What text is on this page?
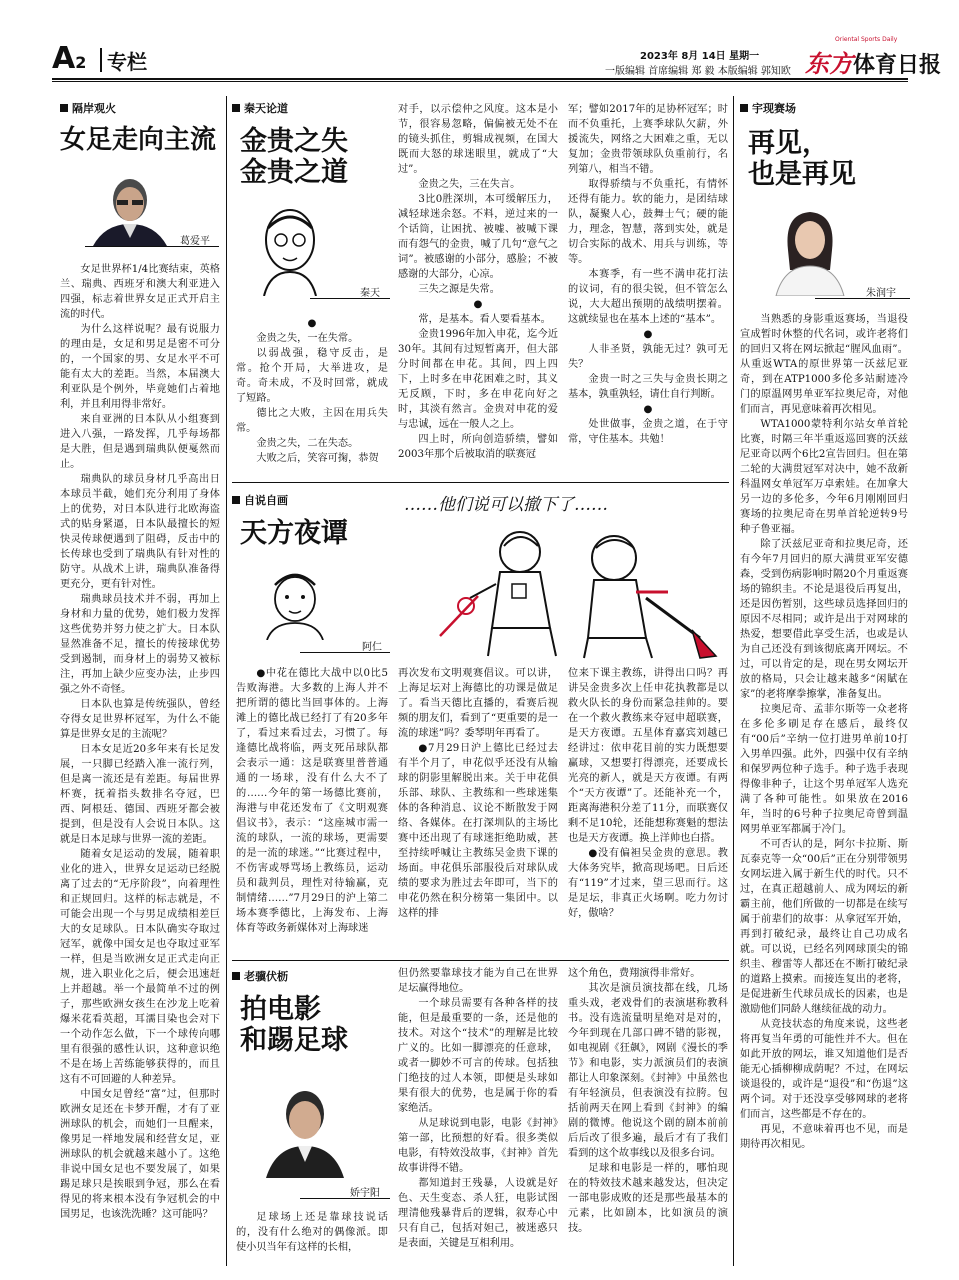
A2 专栏	2023年 8月 14日 星期一
一版编辑 首席编辑 郑 毅 本版编辑 郭知欧
Oriental Sports Daily
东方体育日报
隔岸观火
女足走向主流
葛爱平

女足世界杯1/4比赛结束，英格兰、瑞典、西班牙和澳大利亚进入四强，标志着世界女足正式开启主流的时代。

为什么这样说呢？最有说服力的理由是，女足和男足是密不可分的，一个国家的男、女足水平不可能有太大的差距。当然，本届澳大利亚队是个例外，毕竟她们占着地利，并且利用得非常好。

来自亚洲的日本队从小组赛到进入八强，一路发挥，几乎每场都是大胜，但是遇到瑞典队便戛然而止。

瑞典队的球员身材几乎高出日本球员半截，她们充分利用了身体上的优势，对日本队进行北欧海盗式的贴身紧逼，日本队最擅长的短快灵传球便遇到了阻碍，反击中的长传球也受到了瑞典队有针对性的防守。从战术上讲，瑞典队准备得更充分，更有针对性。

瑞典球员技术并不弱，再加上身材和力量的优势，她们极力发挥这些优势并努力使之扩大。日本队显然准备不足，擅长的传接球优势受到遏制，而身材上的弱势又被标注，再加上缺少应变办法，止步四强之外不奇怪。

日本队也算是传统强队，曾经夺得女足世界杯冠军，为什么不能算是世界女足的主流呢？

日本女足近20多年来有长足发展，一只脚已经踏入准一流行列，但是离一流还是有差距。每届世界杯赛，抚着指头数排名夺冠，巴西、阿根廷、德国、西班牙都会被提到，但是没有人会说日本队。这就是日本足球与世界一流的差距。

随着女足运动的发展，随着职业化的进入，世界女足运动已经脱离了过去的“无序阶段”，向着理性和正规回归。这样的标志就是，不可能会出现一个与男足成绩相差巨大的女足球队。日本队确实夺取过冠军，就像中国女足也夺取过亚军一样，但是当欧洲女足正式走向正规，进入职业化之后，便会迅速赶上并超越。举一个最简单不过的例子，那些欧洲女孩生在沙龙上吃着爆米花看英超，耳濡目染也会对下一个动作怎么做，下一个球传向哪里有很强的感性认识，这种意识绝不是在场上苦练能够获得的，而且这有不可回避的人种差异。

中国女足曾经“富”过，但那时欧洲女足还在卡梦开醒，才有了亚洲球队的机会，而她们一旦醒来，像男足一样地发展和经营女足，亚洲球队的机会就越来越小了。这绝非说中国女足也不要发展了，如果踢足球只是挨眼到争冠，那么在看得见的将来根本没有争冠机会的中国男足，也该洗洗睡？这可能吗？

秦天论道
金贵之失
金贵之道
秦天

●

金贵之失，一在失常。

以弱战强，稳守反击，是常。抢个开局，大举进攻，是奇。奇未成，不及时回常，就成了短路。

德比之大败，主因在用兵失常。

金贵之失，二在失态。

大败之后，笑容可掬，恭贺

对手，以示偿仲之风度。这本是小节，很容易忽略，偏偏被无处不在的镜头抓住，剪辑成视频，在国大既而大怒的球迷眼里，就成了“大过”。

金贵之失，三在失言。

3比0胜深圳，本可缓解压力，减轻球迷余怒。不料，逆过来的一个话筒，让困扰、被嘘、被喊下课而有怨气的金贵，喊了几句“意气之词”。被感谢的小部分，感脸；不被感谢的大部分，心凉。

三失之源是失常。

●

常，是基本。看人要看基本。

金贵1996年加入申花，迄今近30年。其间有过短暂离开，但大部分时间都在申花。其间，四上四下，上时多在申花困难之时，其义无反顾，下时，多在申花向好之时，其淡有然言。金贵对申花的爱与忠诚，远在一般人之上。

四上时，所向创造骄绩，譬如2003年那个后被取消的联赛冠

军；譬如2017年的足协杯冠军；时而不负重托，上赛季球队欠薪，外援流失，网络之大困难之重，无以复加；金贵带领球队负重前行，名列第八，相当不错。

取得骄绩与不负重托，有情怀还得有能力。软的能力，是团结球队，凝聚人心，鼓舞士气；硬的能力，理念，智慧，落到实处，就是切合实际的战术、用兵与训练，等等。

本赛季，有一些不满申花打法的议词，有的很尖锐，但不管怎么说，大大超出预期的战绩明摆着。这就续显也在基本上述的“基本”。

●

人非圣贤，孰能无过？孰可无失？

金贵一时之三失与金贵长期之基本，孰重孰轻，请仕自行判断。

●

处世做事，金贵之道，在于守常，守住基本。共勉！

自说自画
天方夜谭
阿仁
……他们说可以撤下了……

●中花在德比大战中以0比5告败海港。大多数的上海人并不把所谓的德比当回事体的。上海滩上的德比战已经打了有20多年了，看过来看过去，习惯了。每逢德比战将临，两支死吊球队都会表示一通：这是联赛里普普通通的一场球，没有什么大不了的……今年的第一场德比赛前，海港与申花还发布了《文明观赛倡议书》，表示：“这座城市需一流的球队，一流的球场，更需要的是一流的球迷。”“比赛过程中，不伤害或辱骂场上教练员，运动员和裁判员，理性对待输赢，克制情绪……”7月29日的沪上第二场本赛季德比，上海发布、上海体育等政务新媒体对上海球迷

再次发布文明观赛倡议。可以讲，上海足坛对上海德比的功课是做足了。看当天德比直播的，看赛后视频的朋友们，看到了“更重要的是一流的球迷”吗？委琴明年再看了。

●7月29日沪上德比已经过去有半个月了，申花似乎还没有从输球的阴影里解脱出来。关于申花俱乐部、球队、主教练和一些球迷集体的各种消息、议论不断散发于网络、各媒体。在打深圳队的主场比赛中还出现了有球迷拒绝助威，甚至持续呼喊让主教练吴金贵下课的场面。申花俱乐部服役后对球队成绩的要求为胜过去年即可，当下的申花仍然在积分榜第一集团中。以这样的排

位来下课主教练，讲得出口吗？再讲吴金贵多次上任申花执教都是以救火队长的身份而紧急挂帅的。要在一个救火教练来夺冠申超联赛，是天方夜谭。五星体育嘉宾刘越已经讲过：依申花目前的实力既想要赢球，又想要打得漂亮，还要成长光亮的新人，就是天方夜谭。有两个“天方夜谭”了。还能补充一个，距离海港积分差了11分，而联赛仅剩不足10轮，还能想称赛魁的想法也是天方夜谭。换上洋帅也白搭。

●没有偏袒吴金贵的意思。教大体务究毕，掀高现场吧。日后还有“119”才过来，望三思而行。这是足坛，非真正火场啊。吃力勿讨好，傲啥？

老骥伏枥
拍电影
和踢足球
娇宇阳

足球场上还是靠球技说话的，没有什么绝对的偶像派。即使小贝当年有这样的长相，

但仍然要靠球技才能为自己在世界足坛赢得地位。

一个球员需要有各种各样的技能，但是最重要的一条，还是他的技术。对这个“技术”的理解是比较广义的。比如一脚漂亮的任意球，或者一脚妙不可言的传球。包括独门绝技的过人本领，即便是头球如果有很大的优势，也是属于你的看家绝活。

从足球说到电影，电影《封神》第一部，比预想的好看。很多类似电影，有特效没故事，《封神》首先故事讲得不错。

都知道封王残暴，人设就是好色、天生变态、杀人狂，电影试图理清他残暴背后的逻辑，叙寿心中只有自己，包括对妲己，被迷惑只是表面，关键是互相利用。

这个角色，费翔演得非常好。

其次是演员演技都在线，几场重头戏，老戏骨们的表演堪称教科书。没有选流量明星绝对是对的，今年到现在几部口碑不错的影视，如电视剧《狂飙》，网剧《漫长的季节》和电影，实力派演员们的表演都让人印象深刻。《封神》中虽然也有年轻演员，但表演没有拉胯。包括前两天在网上看到《封神》的编剧的微博。他说这个剧的剧本前前后后改了很多遍，最后才有了我们看到的这个故事线以及很多台词。

足球和电影是一样的，哪怕现在的特效技术越来越发达，但决定一部电影成败的还是那些最基本的元素，比如剧本，比如演员的演技。

宇现赛场
再见，
也是再见
朱润宇

当熟悉的身影重返赛场，当退役宣成暂时休整的代名词，或许老将们的回归又将在网坛掀起“腥风血雨”。从重返WTA的原世界第一沃兹尼亚奇，到在ATP1000多伦多站耐迹冷门的原温网男单亚军拉奥尼奇，对他们而言，再见意味着再次相见。

WTA1000蒙特利尔站女单首轮比赛，时隔三年半重返巡回赛的沃兹尼亚奇以两个6比2宣告回归。但在第二轮的大满贯冠军对决中，她不敌新科温网女单冠军万卓索娃。在加拿大另一边的多伦多，今年6月刚刚回归赛场的拉奥尼奇在男单首轮逆转9号种子鲁亚福。

除了沃兹尼亚奇和拉奥尼奇，还有今年7月回归的原大满贯亚军安德森，受到伤病影响时隔20个月重返赛场的锦织圭。不论是退役后再复出，还是因伤暂别，这些球员选择回归的原因不尽相同；或许是出于对网球的热爱，想要借此享受生活，也或是认为自己还没有到该彻底离开网坛。不过，可以肯定的是，现在男女网坛开放的格局，只会让越来越多“闲賦在家”的老将摩拳擦掌，准备复出。

拉奥尼奇、孟菲尔斯等一众老将在多伦多刷足存在感后，最终仅有“00后”辛纳一位打进男单前10打入男单四强。此外，四强中仅有辛纳和保罗两位种子选手。种子选手表现得像非种子，让这个男单冠军人选充满了各种可能性。如果放在2016年，当时的6号种子拉奥尼奇曾到温网男单亚军都属于冷门。

不可否认的是，阿尔卡拉斯、斯瓦泰克等一众“00后”正在分别带领男女网坛进入属于新生代的时代。只不过，在真正超越前人、成为网坛的新霸主前，他们所做的一切都是在续写属于前辈们的故事：从拿冠军开始，再到打破纪录，最终让自己功成名就。可以说，已经名列网球顶尖的锦织圭、穆雷等人都还在不断打破纪录的道路上摸索。而接连复出的老将，是促进新生代球员成长的因素，也是激励他们同龄人继续征战的动力。

从竞技状态的角度来说，这些老将再复当年勇的可能性并不大。但在如此开放的网坛，谁又知道他们是否能无心插柳柳成荫呢？不过，在网坛谈退役的，或许是“退役”和“伤退”这两个词。对于还没享受够网球的老将们而言，这些都是不存在的。

再见，不意味着再也不见，而是期待再次相见。
